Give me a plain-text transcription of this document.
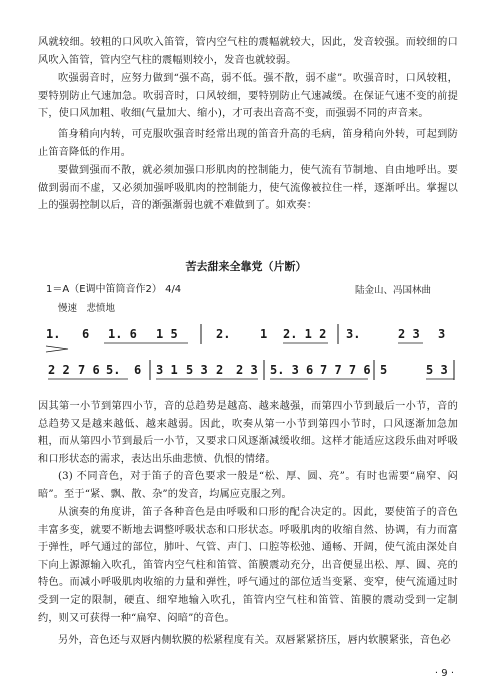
风就较细。较粗的口风吹入笛管，管内空气柱的震幅就较大，因此，发音较强。而较细的口风吹入笛管，管内空气柱的震幅则较小，发音也就较弱。

吹强弱音时，应努力做到“强不高，弱不低。强不散，弱不虚”。吹强音时，口风较粗，要特别防止气速加急。吹弱音时，口风较细，要特别防止气速减缓。在保证气速不变的前提下，使口风加粗、收细(气量加大、缩小)，才可表出音高不变，而强弱不同的声音来。

笛身稍向内转，可克服吹强音时经常出现的笛音升高的毛病，笛身稍向外转，可起到防止笛音降低的作用。

要做到强而不散，就必须加强口形肌肉的控制能力，使气流有节制地、自由地呼出。要做到弱而不虚，又必须加强呼吸肌肉的控制能力，使气流像被拉住一样，逐渐呼出。掌握以上的强弱控制以后，音的渐强渐弱也就不难做到了。如欢奏：

苦去甜来全靠党（片断）
1＝A（E调中笛筒音作2） 4/4	陆金山、冯国林曲
慢速　悲愤地
1. 6 1. 6 1 5	2. 1 2. 1 2 3.	2 3 3
2 2 7 6 5. 6 3 1 5 3 2 2 3 5. 3 6 7 7 7 6 5	5 3

因其第一小节到第四小节，音的总趋势是越高、越来越强，而第四小节到最后一小节，音的总趋势又是越来越低、越来越弱。因此，吹奏从第一小节到第四小节时，口风逐渐加急加粗，而从第四小节到最后一小节，又要求口风逐渐减缓收细。这样才能适应这段乐曲对呼吸和口形状态的需求，表达出乐曲悲愤、仇恨的情绪。

(3) 不同音色，对于笛子的音色要求一般是“松、厚、圆、亮”。有时也需要“扁窄、闷暗”。至于“紧、飘、散、杂”的发音，均属应克服之列。

从演奏的角度讲，笛子各种音色是由呼吸和口形的配合决定的。因此，要使笛子的音色丰富多变，就要不断地去调整呼吸状态和口形状态。呼吸肌肉的收缩自然、协调，有力而富于弹性，呼气通过的部位，肺叶、气管、声门、口腔等松弛、通畅、开阔，使气流由深处自下向上源源输入吹孔，笛管内空气柱和笛管、笛膜震动充分，出音便显出松、厚、圆、亮的特色。而减小呼吸肌肉收缩的力量和弹性，呼气通过的部位适当变紧、变窄，使气流通过时受到一定的限制，硬直、细窄地输入吹孔，笛管内空气柱和笛管、笛膜的震动受到一定制约，则又可获得一种“扁窄、闷暗”的音色。

另外，音色还与双唇内侧软膜的松紧程度有关。双唇紧紧挤压，唇内软膜紧张，音色必

· 9 ·
